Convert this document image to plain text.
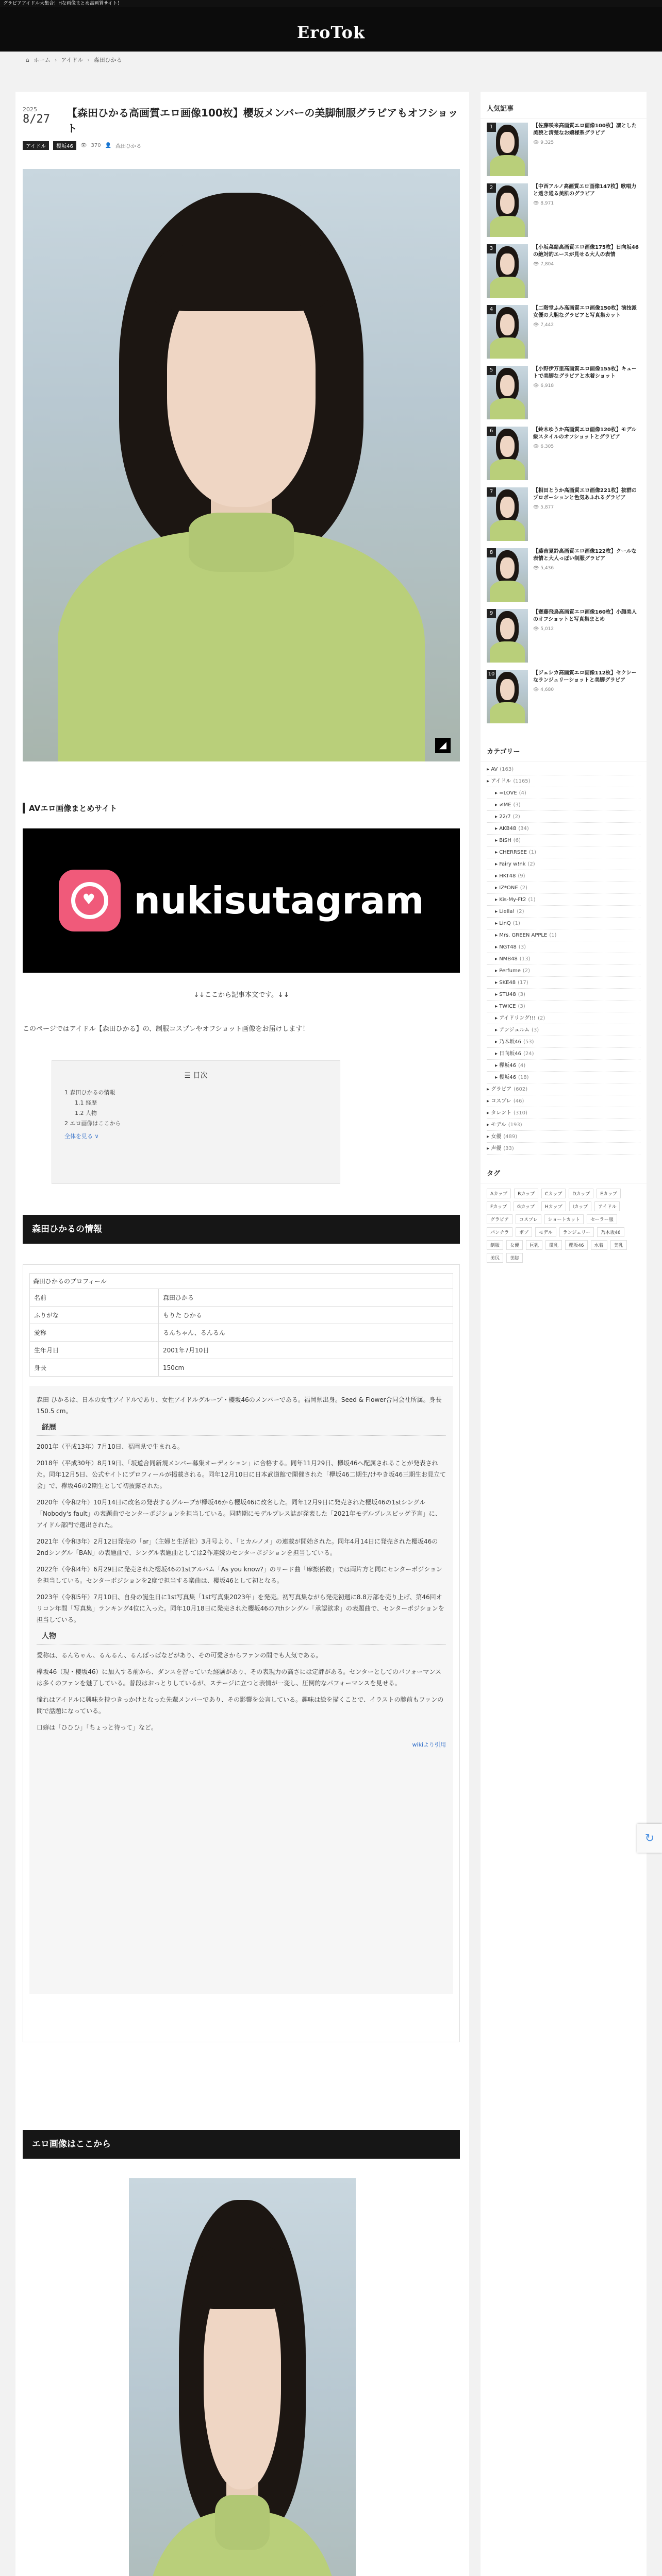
グラビアアイドル大集合！Hな画像まとめ高画質サイト！
EroTok
⌂ ホーム › アイドル › 森田ひかる
2025
8/27	【森田ひかる高画質エロ画像100枚】櫻坂メンバーの美脚制服グラビアもオフショット
アイドル	櫻坂46	👁 370 👤 森田ひかる
◢
AVエロ画像まとめサイト
♥ nukisutagram
↓↓ここから記事本文です。↓↓
このページではアイドル【森田ひかる】の、制服コスプレやオフショット画像をお届けします！
☰ 目次
1 森田ひかるの情報
1.1 経歴
1.2 人物
2 エロ画像はここから
全体を見る ∨
森田ひかるの情報
森田ひかるのプロフィール
名前	森田ひかる
ふりがな	もりた ひかる
愛称	るんちゃん、るんるん
生年月日	2001年7月10日
身長	150cm

森田 ひかるは、日本の女性アイドルであり、女性アイドルグループ・櫻坂46のメンバーである。福岡県出身。Seed & Flower合同会社所属。身長150.5 cm。

経歴

2001年（平成13年）7月10日、福岡県で生まれる。

2018年（平成30年）8月19日、「坂道合同新規メンバー募集オーディション」に合格する。同年11月29日、欅坂46へ配属されることが発表された。同年12月5日、公式サイトにプロフィールが掲載される。同年12月10日に日本武道館で開催された「欅坂46二期生/けやき坂46三期生お見立て会」で、欅坂46の2期生として初披露された。

2020年（令和2年）10月14日に改名の発表するグループが欅坂46から櫻坂46に改名した。同年12月9日に発売された櫻坂46の1stシングル「Nobody's fault」の表題曲でセンターポジションを担当している。同時期にモデルプレス誌が発表した「2021年モデルプレスビッグ予言」に、アイドル部門で選出された。

2021年（令和3年）2月12日発売の「ar」（主婦と生活社）3月号より、「ヒカルノメ」の連載が開始された。同年4月14日に発売された櫻坂46の2ndシングル「BAN」の表題曲で、シングル表題曲としては2作連続のセンターポジションを担当している。

2022年（令和4年）6月29日に発売された櫻坂46の1stアルバム「As you know?」のリード曲「摩擦係数」では両片方と同にセンターポジションを担当している。センターポジションを2度で担当する楽曲は、櫻坂46として初となる。

2023年（令和5年）7月10日、自身の誕生日に1st写真集「1st写真集2023年」を発売。初写真集ながら発売初週に8.8万部を売り上げ、第46回オリコン年間「写真集」ランキング4位に入った。同年10月18日に発売された櫻坂46の7thシングル「承認欲求」の表題曲で、センターポジションを担当している。

人物

愛称は、るんちゃん、るんるん、るんぱっぱなどがあり、その可愛さからファンの間でも人気である。

欅坂46（現・櫻坂46）に加入する前から、ダンスを習っていた経験があり、その表現力の高さには定評がある。センターとしてのパフォーマンスは多くのファンを魅了している。普段はおっとりしているが、ステージに立つと表情が一変し、圧倒的なパフォーマンスを見せる。

憧れはアイドルに興味を持つきっかけとなった先輩メンバーであり、その影響を公言している。趣味は絵を描くことで、イラストの腕前もファンの間で話題になっている。

口癖は「ひひひ」「ちょっと待って」など。

wikiより引用
エロ画像はここから
人気記事
1	【佐藤咲来高画質エロ画像100枚】凛とした美貌と清楚なお嬢様系グラビア
👁 9,325
2	【中西アルノ高画質エロ画像147枚】歌唱力と透き通る美肌のグラビア
👁 8,971
3	【小坂菜緒高画質エロ画像175枚】日向坂46の絶対的エースが見せる大人の表情
👁 7,804
4	【二階堂ふみ高画質エロ画像150枚】演技派女優の大胆なグラビアと写真集カット
👁 7,442
5	【小野伊万里高画質エロ画像155枚】キュートで美脚なグラビアと水着ショット
👁 6,918
6	【鈴木ゆうか高画質エロ画像120枚】モデル級スタイルのオフショットとグラビア
👁 6,305
7	【相田とうか高画質エロ画像221枚】抜群のプロポーションと色気あふれるグラビア
👁 5,877
8	【藤吉夏鈴高画質エロ画像122枚】クールな表情と大人っぽい制服グラビア
👁 5,436
9	【齋藤飛鳥高画質エロ画像160枚】小顔美人のオフショットと写真集まとめ
👁 5,012
10	【ジェシカ高画質エロ画像112枚】セクシーなランジェリーショットと美脚グラビア
👁 4,680
カテゴリー
▸ AV (163)
▸ アイドル (1165)
▸ =LOVE (4)
▸ ≠ME (3)
▸ 22/7 (2)
▸ AKB48 (34)
▸ BiSH (6)
▸ CHERRSEE (1)
▸ Fairy w!nk (2)
▸ HKT48 (9)
▸ IZ*ONE (2)
▸ Kis-My-Ft2 (1)
▸ Liella! (2)
▸ LinQ (1)
▸ Mrs. GREEN APPLE (1)
▸ NGT48 (3)
▸ NMB48 (13)
▸ Perfume (2)
▸ SKE48 (17)
▸ STU48 (3)
▸ TWICE (3)
▸ アイドリング!!! (2)
▸ アンジュルム (3)
▸ 乃木坂46 (53)
▸ 日向坂46 (24)
▸ 欅坂46 (4)
▸ 櫻坂46 (18)
▸ グラビア (602)
▸ コスプレ (46)
▸ タレント (310)
▸ モデル (193)
▸ 女優 (489)
▸ 声優 (33)
タグ
Aカップ	Bカップ	Cカップ	Dカップ	Eカップ
Fカップ	Gカップ	Hカップ	Iカップ	アイドル
グラビア	コスプレ	ショートカット	セーラー服
パンチラ	ボブ	モデル	ランジェリー	乃木坂46
制服	女優	巨乳	微乳	櫻坂46	水着	美乳
美尻	美脚
↻
